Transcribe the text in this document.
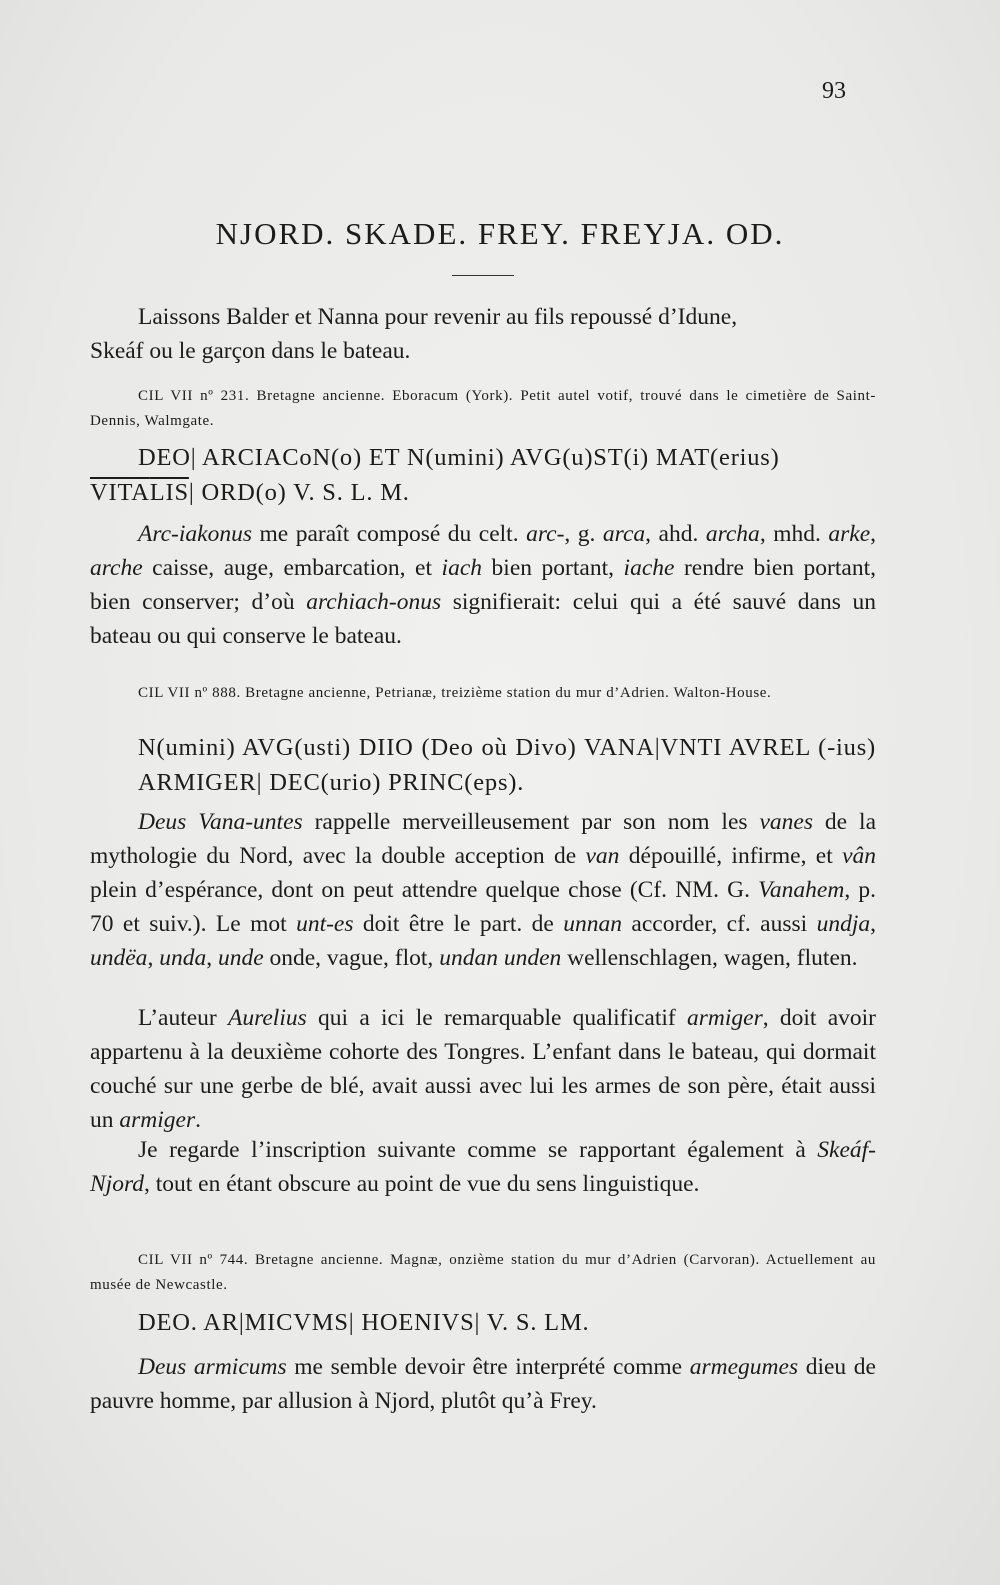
93
NJORD. SKADE. FREY. FREYJA. OD.
Laissons Balder et Nanna pour revenir au fils repoussé d’Idune,
Skeáf ou le garçon dans le bateau.
CIL VII nº 231. Bretagne ancienne. Eboracum (York). Petit autel votif, trouvé dans le cimetière de Saint-Dennis, Walmgate.
DEO| ARCIACoN(o) ET N(umini) AVG(u)ST(i) MAT(erius)
$VITA\overline{LIS}|$ ORD(o) V. S. L. M.
Arc-iakonus me paraît composé du celt. arc-, g. arca, ahd. archa, mhd. arke, arche caisse, auge, embarcation, et iach bien portant, iache rendre bien portant, bien conserver; d’où archiach-onus signifierait: celui qui a été sauvé dans un bateau ou qui conserve le bateau.
CIL VII nº 888. Bretagne ancienne, Petrianæ, treizième station du mur d’Adrien. Walton-House.
N(umini) AVG(usti) DIIO (Deo où Divo) VANA|VNTI AVREL (-ius) ARMIGER| DEC(urio) PRINC(eps).
Deus Vana-untes rappelle merveilleusement par son nom les vanes de la mythologie du Nord, avec la double acception de van dépouillé, infirme, et vân plein d’espérance, dont on peut attendre quelque chose (Cf. NM. G. Vanahem, p. 70 et suiv.). Le mot unt-es doit être le part. de unnan accorder, cf. aussi undja, undëa, unda, unde onde, vague, flot, undan unden wellenschlagen, wagen, fluten.
L’auteur Aurelius qui a ici le remarquable qualificatif armiger, doit avoir appartenu à la deuxième cohorte des Tongres. L’enfant dans le bateau, qui dormait couché sur une gerbe de blé, avait aussi avec lui les armes de son père, était aussi un armiger.
Je regarde l’inscription suivante comme se rapportant également à Skeáf-Njord, tout en étant obscure au point de vue du sens linguistique.
CIL VII nº 744. Bretagne ancienne. Magnæ, onzième station du mur d’Adrien (Carvoran). Actuellement au musée de Newcastle.
DEO. AR|MICVMS| HOENIVS| V. S. LM.
Deus armicums me semble devoir être interprété comme armegumes dieu de pauvre homme, par allusion à Njord, plutôt qu’à Frey.
